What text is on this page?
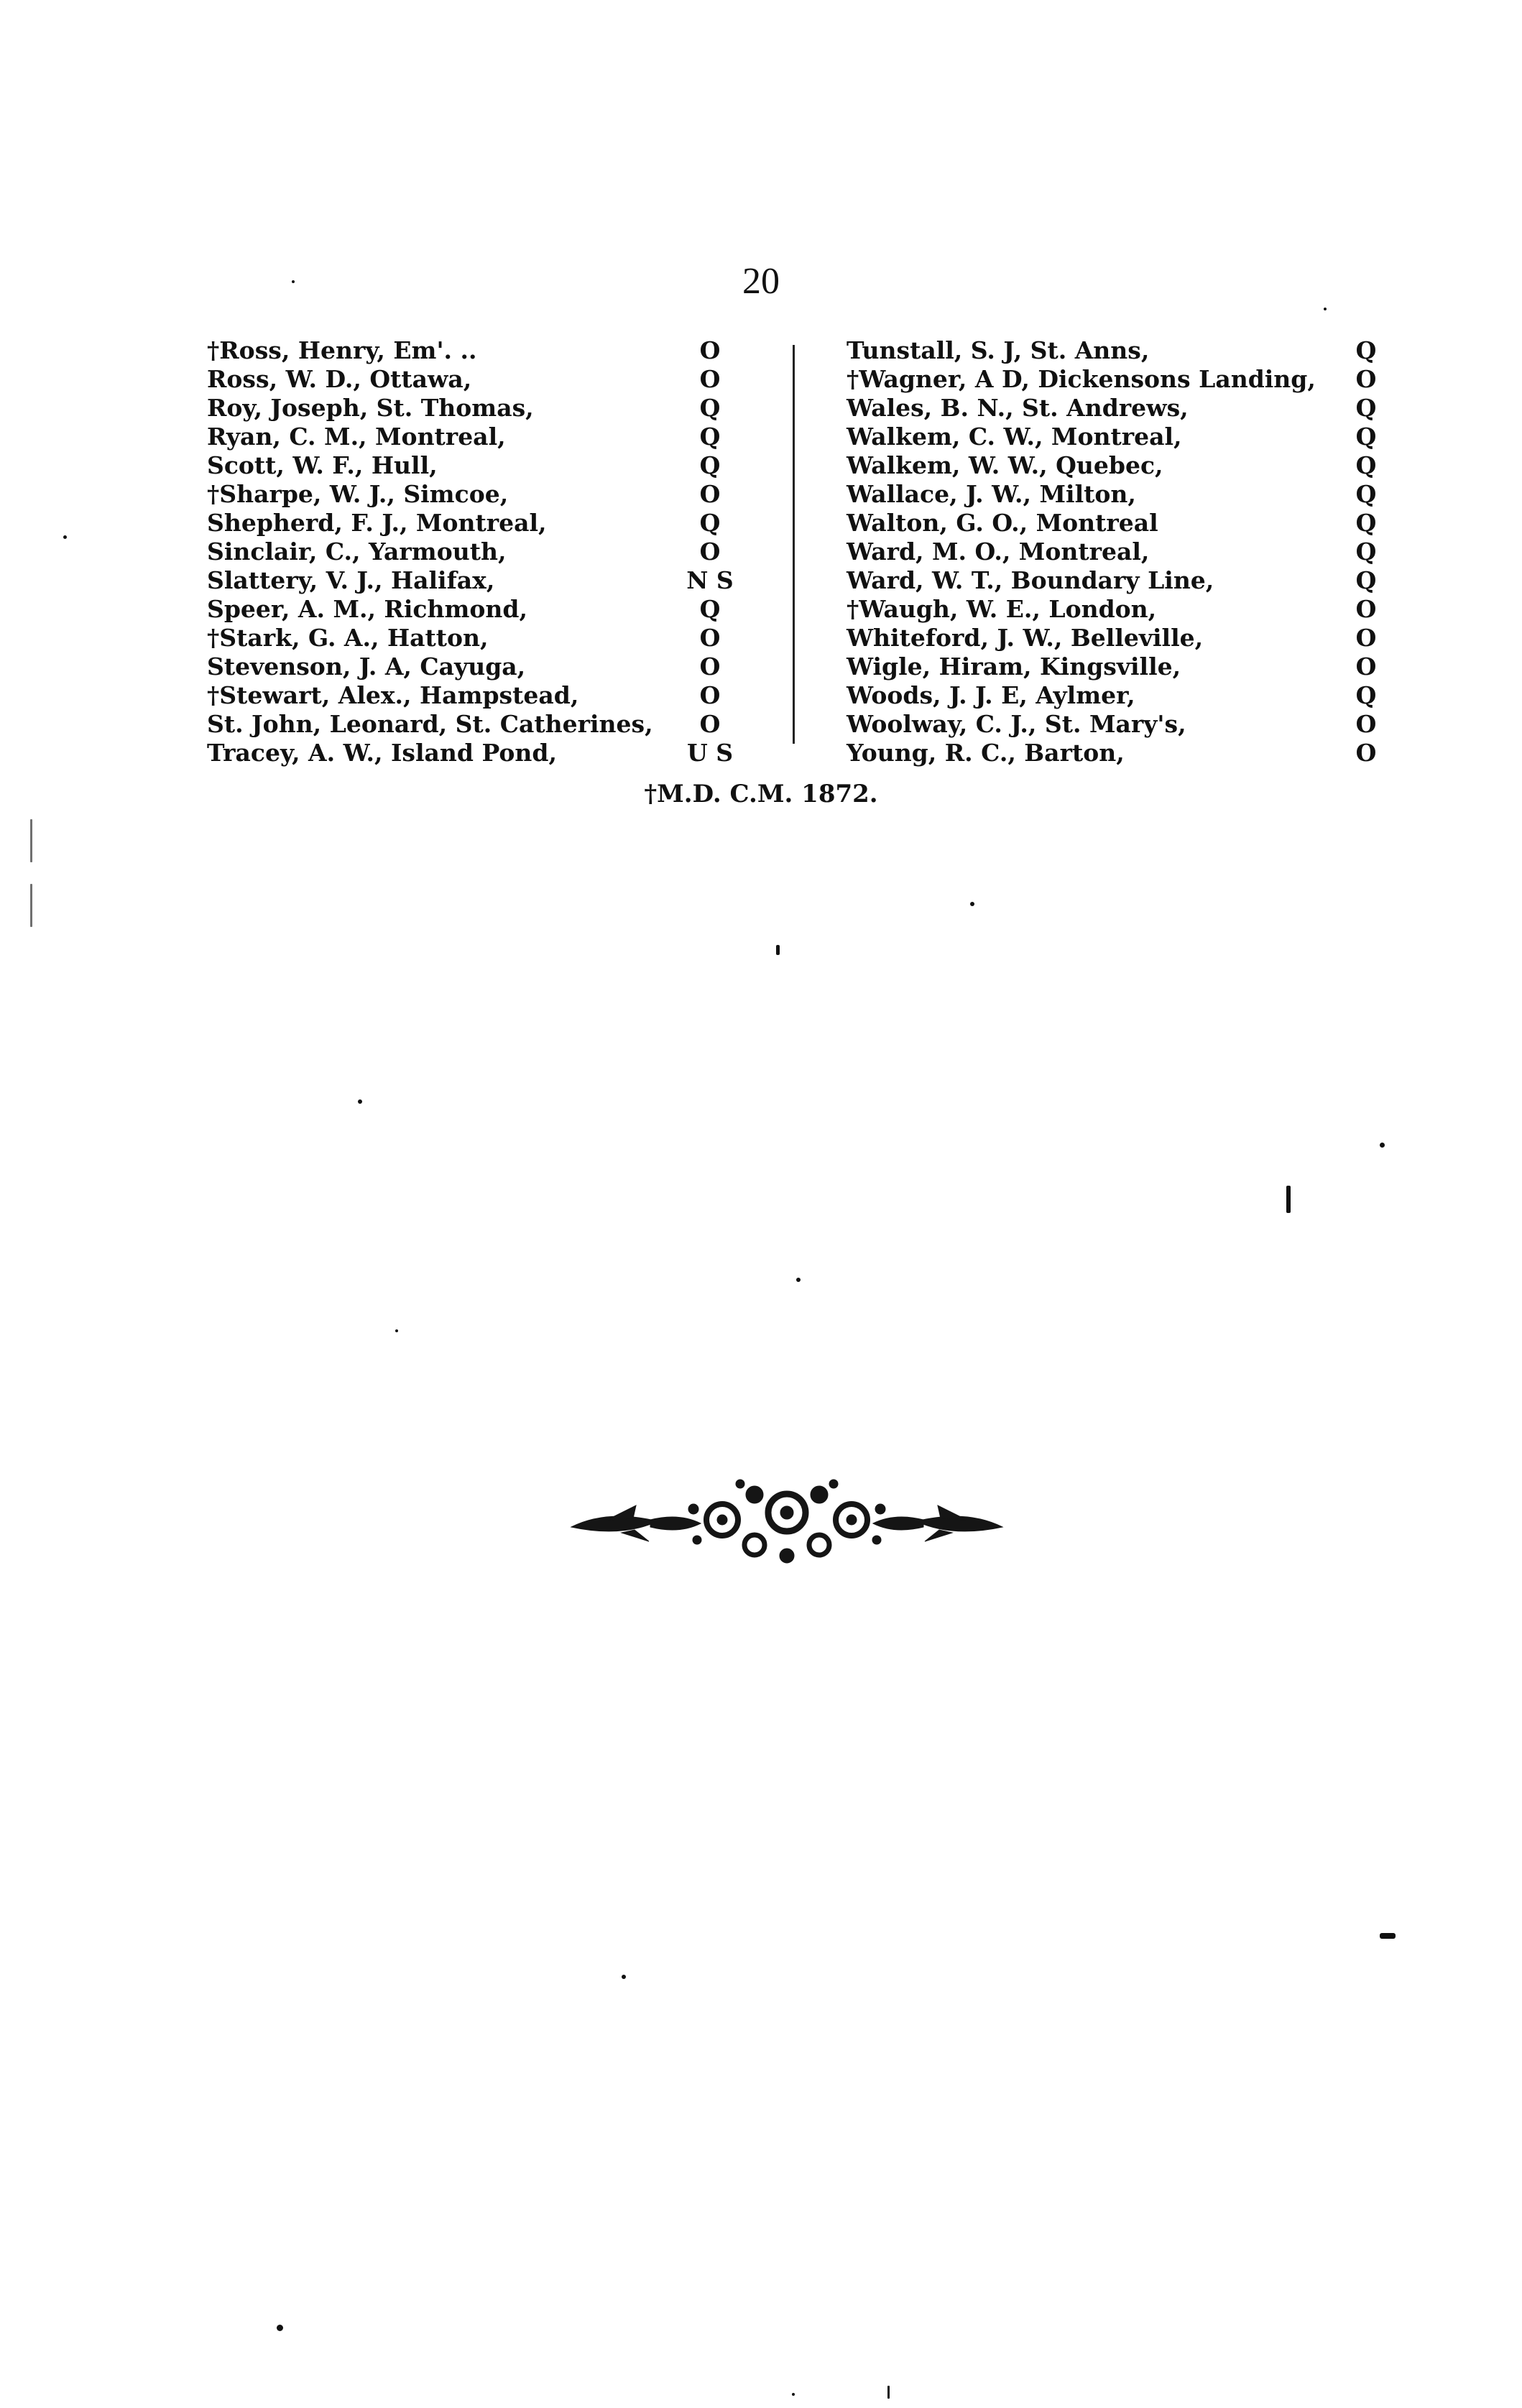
20
†Ross, Henry, Em'. ..	O
Ross, W. D., Ottawa,	O
Roy, Joseph, St. Thomas,	Q
Ryan, C. M., Montreal,	Q
Scott, W. F., Hull,	Q
†Sharpe, W. J., Simcoe,	O
Shepherd, F. J., Montreal,	Q
Sinclair, C., Yarmouth,	O
Slattery, V. J., Halifax,	N S
Speer, A. M., Richmond,	Q
†Stark, G. A., Hatton,	O
Stevenson, J. A, Cayuga,	O
†Stewart, Alex., Hampstead,	O
St. John, Leonard, St. Catherines,	O
Tracey, A. W., Island Pond,	U S
Tunstall, S. J, St. Anns,	Q
†Wagner, A D, Dickensons Landing,	O
Wales, B. N., St. Andrews,	Q
Walkem, C. W., Montreal,	Q
Walkem, W. W., Quebec,	Q
Wallace, J. W., Milton,	Q
Walton, G. O., Montreal	Q
Ward, M. O., Montreal,	Q
Ward, W. T., Boundary Line,	Q
†Waugh, W. E., London,	O
Whiteford, J. W., Belleville,	O
Wigle, Hiram, Kingsville,	O
Woods, J. J. E, Aylmer,	Q
Woolway, C. J., St. Mary's,	O
Young, R. C., Barton,	O
†M.D. C.M. 1872.
